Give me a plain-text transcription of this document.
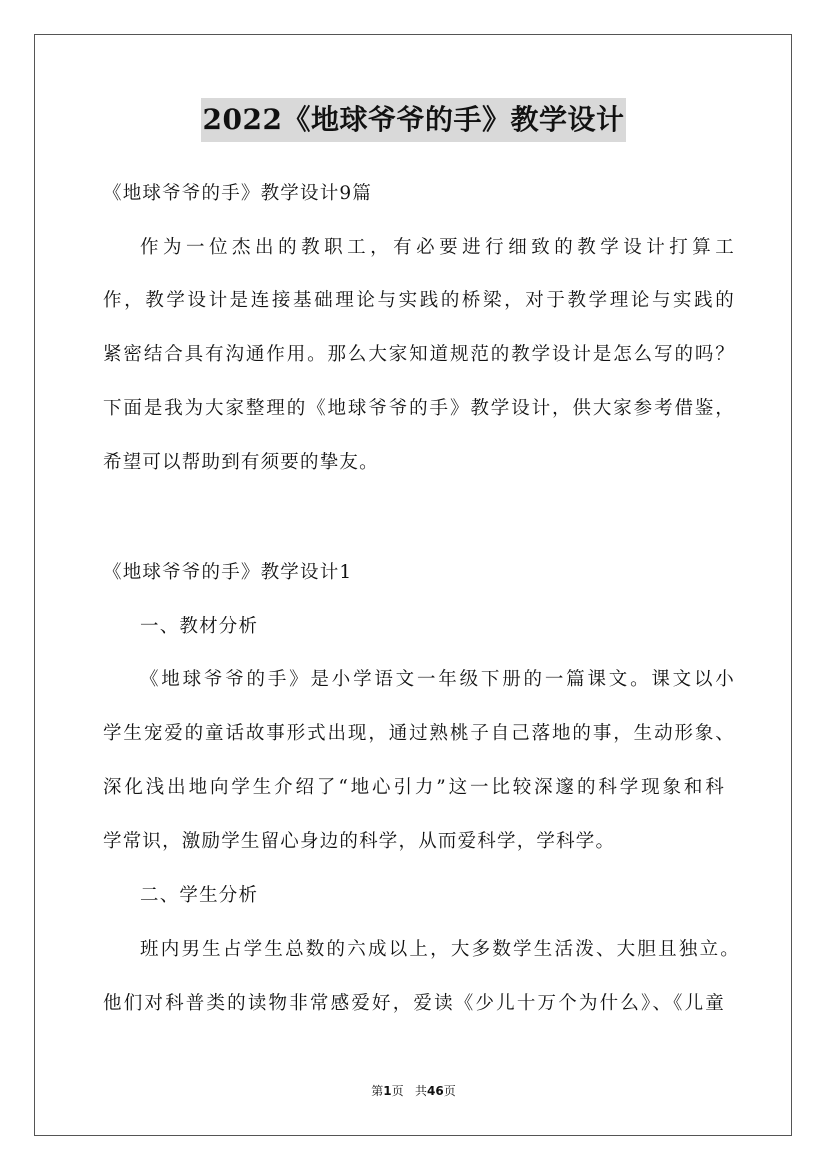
2022《地球爷爷的手》教学设计
《地球爷爷的手》教学设计9篇
作为一位杰出的教职工，有必要进行细致的教学设计打算工
作，教学设计是连接基础理论与实践的桥梁，对于教学理论与实践的
紧密结合具有沟通作用。那么大家知道规范的教学设计是怎么写的吗？
下面是我为大家整理的《地球爷爷的手》教学设计，供大家参考借鉴，
希望可以帮助到有须要的挚友。
《地球爷爷的手》教学设计1
一、教材分析
《地球爷爷的手》是小学语文一年级下册的一篇课文。课文以小
学生宠爱的童话故事形式出现，通过熟桃子自己落地的事，生动形象、
深化浅出地向学生介绍了“地心引力”这一比较深邃的科学现象和科
学常识，激励学生留心身边的科学，从而爱科学，学科学。
二、学生分析
班内男生占学生总数的六成以上，大多数学生活泼、大胆且独立。
他们对科普类的读物非常感爱好，爱读《少儿十万个为什么》、《儿童
第1页   共46页
